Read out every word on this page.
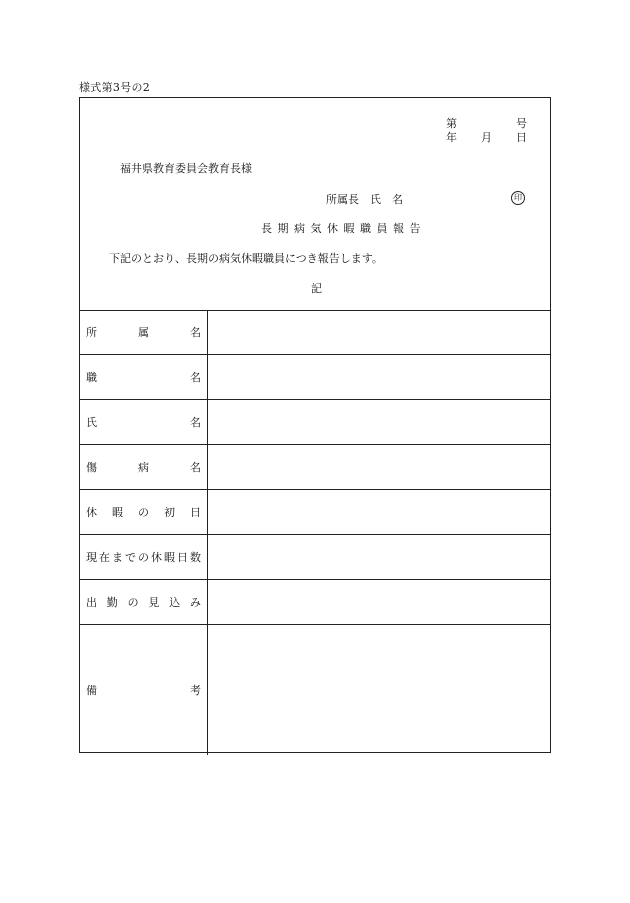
様式第3号の2
第	号
年 月 日
福井県教育委員会教育長様
所属長　氏　名	印
長期病気休暇職員報告
下記のとおり、長期の病気休暇職員につき報告します。
記
所	属	名
職	名
氏	名
傷	病	名
休 暇 の 初 日
現 在 ま で の 休 暇 日 数
出 勤 の 見 込 み
備	考
